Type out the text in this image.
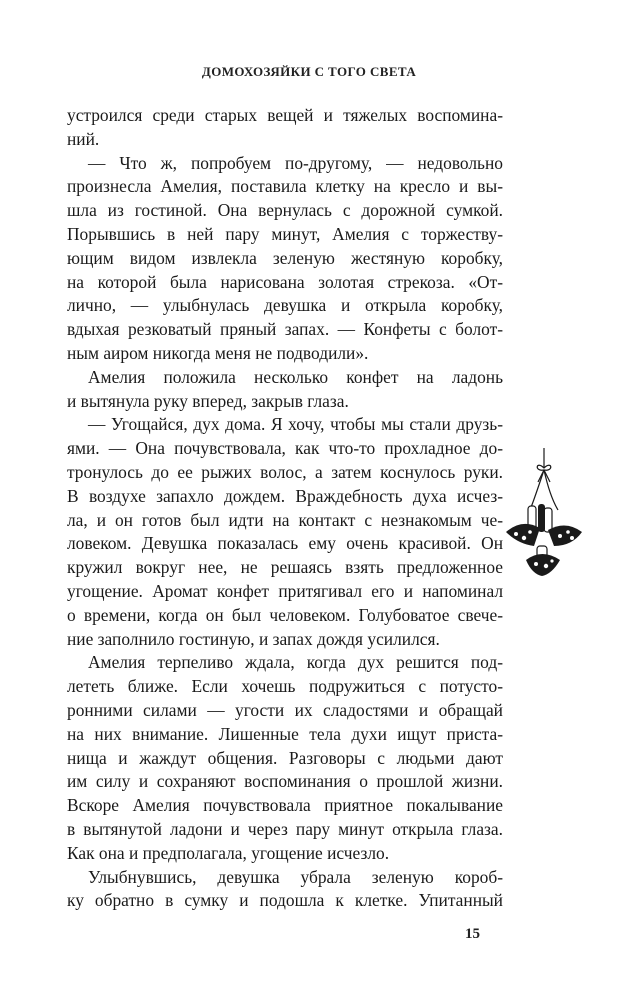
ДОМОХОЗЯЙКИ С ТОГО СВЕТА
устроился среди старых вещей и тяжелых воспомина-
ний.
— Что ж, попробуем по-другому, — недовольно
произнесла Амелия, поставила клетку на кресло и вы-
шла из гостиной. Она вернулась с дорожной сумкой.
Порывшись в ней пару минут, Амелия с торжеству-
ющим видом извлекла зеленую жестяную коробку,
на которой была нарисована золотая стрекоза. «От-
лично, — улыбнулась девушка и открыла коробку,
вдыхая резковатый пряный запах. — Конфеты с болот-
ным аиром никогда меня не подводили».
Амелия положила несколько конфет на ладонь
и вытянула руку вперед, закрыв глаза.
— Угощайся, дух дома. Я хочу, чтобы мы стали друзь-
ями. — Она почувствовала, как что-то прохладное до-
тронулось до ее рыжих волос, а затем коснулось руки.
В воздухе запахло дождем. Враждебность духа исчез-
ла, и он готов был идти на контакт с незнакомым че-
ловеком. Девушка показалась ему очень красивой. Он
кружил вокруг нее, не решаясь взять предложенное
угощение. Аромат конфет притягивал его и напоминал
о времени, когда он был человеком. Голубоватое свече-
ние заполнило гостиную, и запах дождя усилился.
Амелия терпеливо ждала, когда дух решится под-
лететь ближе. Если хочешь подружиться с потусто-
ронними силами — угости их сладостями и обращай
на них внимание. Лишенные тела духи ищут приста-
нища и жаждут общения. Разговоры с людьми дают
им силу и сохраняют воспоминания о прошлой жизни.
Вскоре Амелия почувствовала приятное покалывание
в вытянутой ладони и через пару минут открыла глаза.
Как она и предполагала, угощение исчезло.
Улыбнувшись, девушка убрала зеленую короб-
ку обратно в сумку и подошла к клетке. Упитанный
15
